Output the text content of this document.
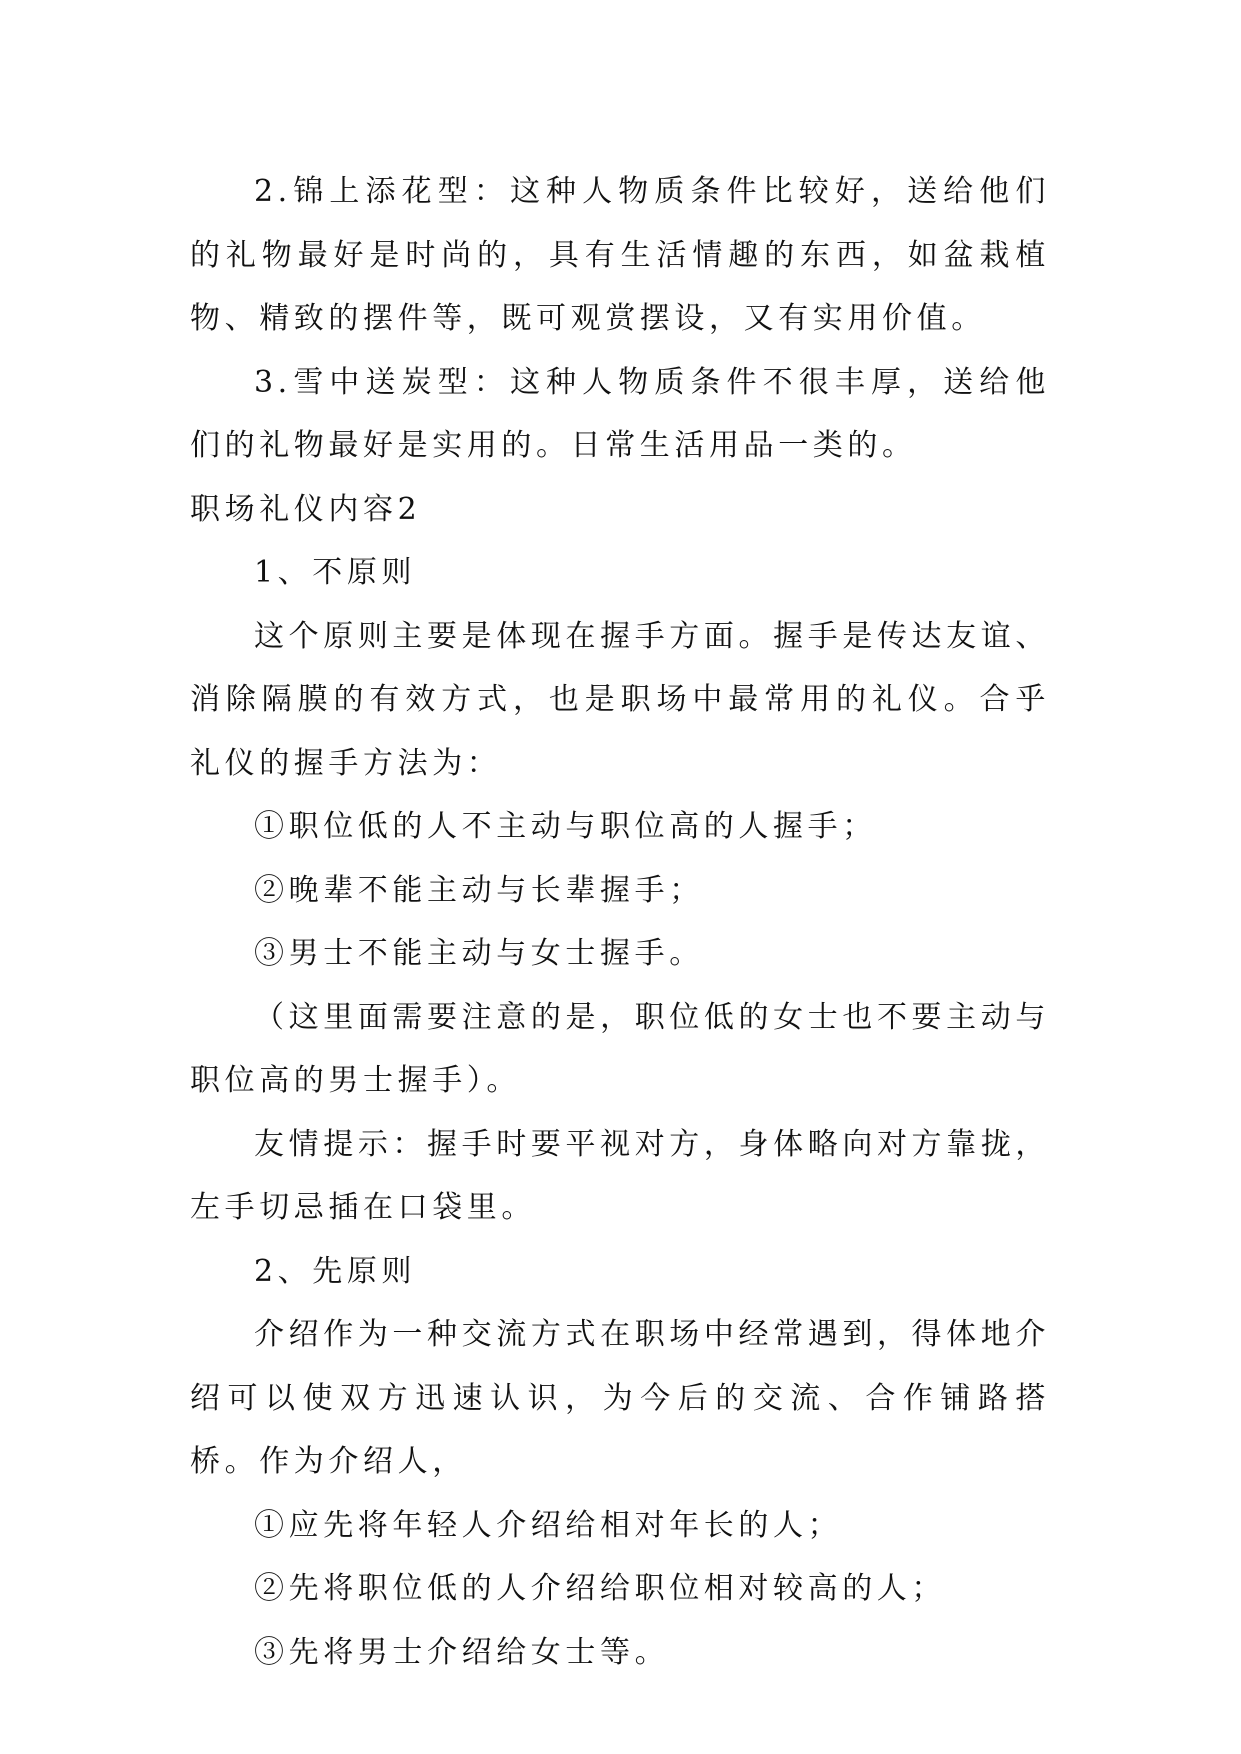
2.锦上添花型：这种人物质条件比较好，送给他们的礼物最好是时尚的，具有生活情趣的东西，如盆栽植物、精致的摆件等，既可观赏摆设，又有实用价值。

3.雪中送炭型：这种人物质条件不很丰厚，送给他们的礼物最好是实用的。日常生活用品一类的。

职场礼仪内容2

1、不原则

这个原则主要是体现在握手方面。握手是传达友谊、消除隔膜的有效方式，也是职场中最常用的礼仪。合乎礼仪的握手方法为：

①职位低的人不主动与职位高的人握手；

②晚辈不能主动与长辈握手；

③男士不能主动与女士握手。

（这里面需要注意的是，职位低的女士也不要主动与职位高的男士握手）。

友情提示：握手时要平视对方，身体略向对方靠拢，左手切忌插在口袋里。

2、先原则

介绍作为一种交流方式在职场中经常遇到，得体地介绍可以使双方迅速认识，为今后的交流、合作铺路搭桥。作为介绍人，

①应先将年轻人介绍给相对年长的人；

②先将职位低的人介绍给职位相对较高的人；

③先将男士介绍给女士等。
